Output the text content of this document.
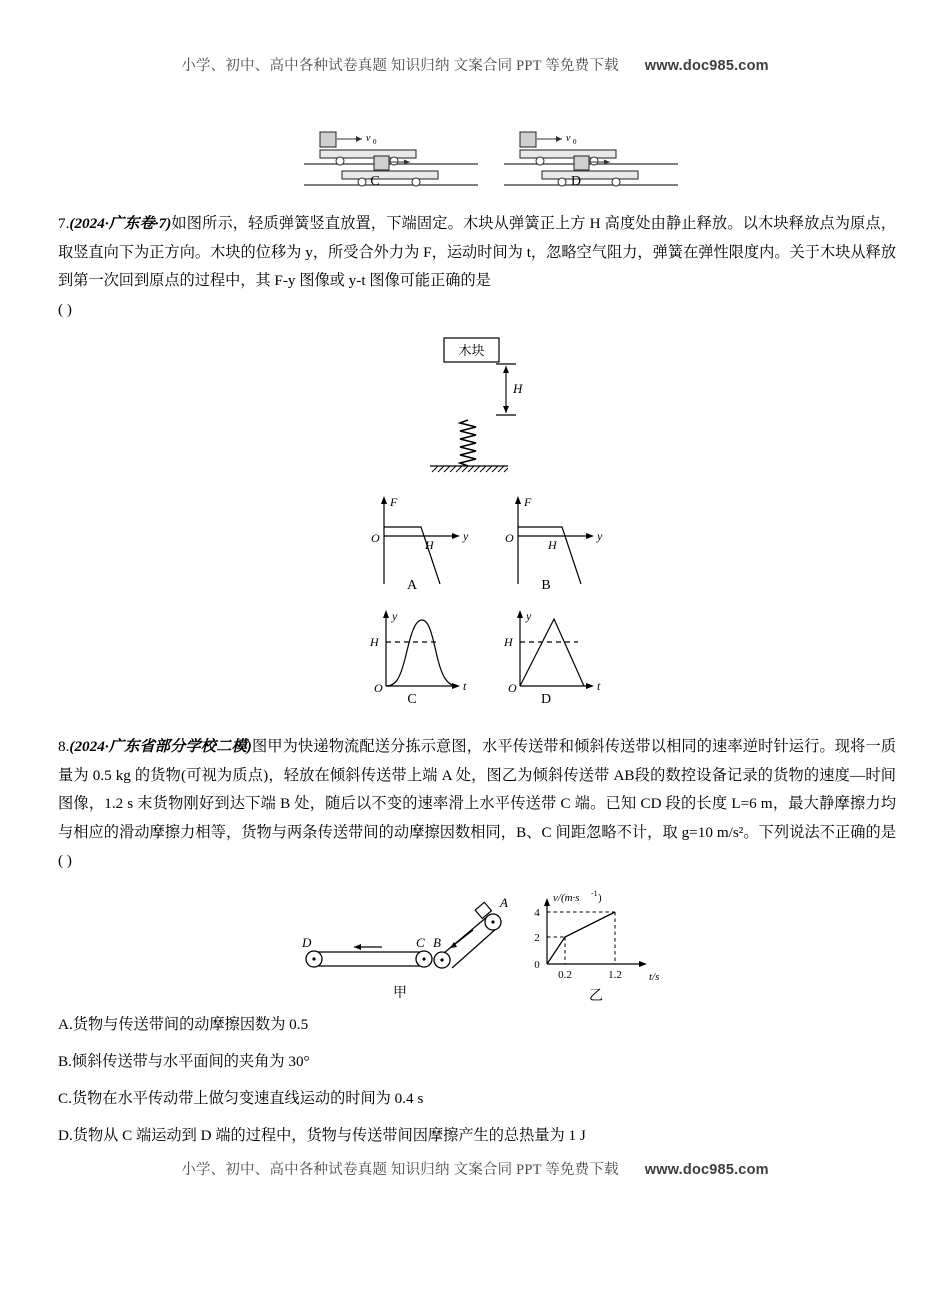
小学、初中、高中各种试卷真题 知识归纳 文案合同 PPT 等免费下载 www.doc985.com
v 0
C
v 0
D
7.(2024·广东卷·7)如图所示，轻质弹簧竖直放置，下端固定。木块从弹簧正上方 H 高度处由静止释放。以木块释放点为原点，取竖直向下为正方向。木块的位移为 y，所受合外力为 F，运动时间为 t，忽略空气阻力，弹簧在弹性限度内。关于木块从释放到第一次回到原点的过程中，其 F-y 图像或 y-t 图像可能正确的是
( )
木块
H
F
y
O	H
A
F
y
O	H
B
y
t
O
H
C
y
t
O
H
D
8.(2024·广东省部分学校二模)图甲为快递物流配送分拣示意图，水平传送带和倾斜传送带以相同的速率逆时针运行。现将一质量为 0.5 kg 的货物(可视为质点)，轻放在倾斜传送带上端 A 处，图乙为倾斜传送带 AB段的数控设备记录的货物的速度—时间图像，1.2 s 末货物刚好到达下端 B 处，随后以不变的速率滑上水平传送带 C 端。已知 CD 段的长度 L=6 m，最大静摩擦力均与相应的滑动摩擦力相等，货物与两条传送带间的动摩擦因数相同，B、C 间距忽略不计，取 g=10 m/s²。下列说法不正确的是( )
D	C B
A
甲
v/(m·s -1 )
t/s
4
2
0
0.2	1.2
乙
A.货物与传送带间的动摩擦因数为 0.5
B.倾斜传送带与水平面间的夹角为 30°
C.货物在水平传动带上做匀变速直线运动的时间为 0.4 s
D.货物从 C 端运动到 D 端的过程中，货物与传送带间因摩擦产生的总热量为 1 J
小学、初中、高中各种试卷真题 知识归纳 文案合同 PPT 等免费下载 www.doc985.com
